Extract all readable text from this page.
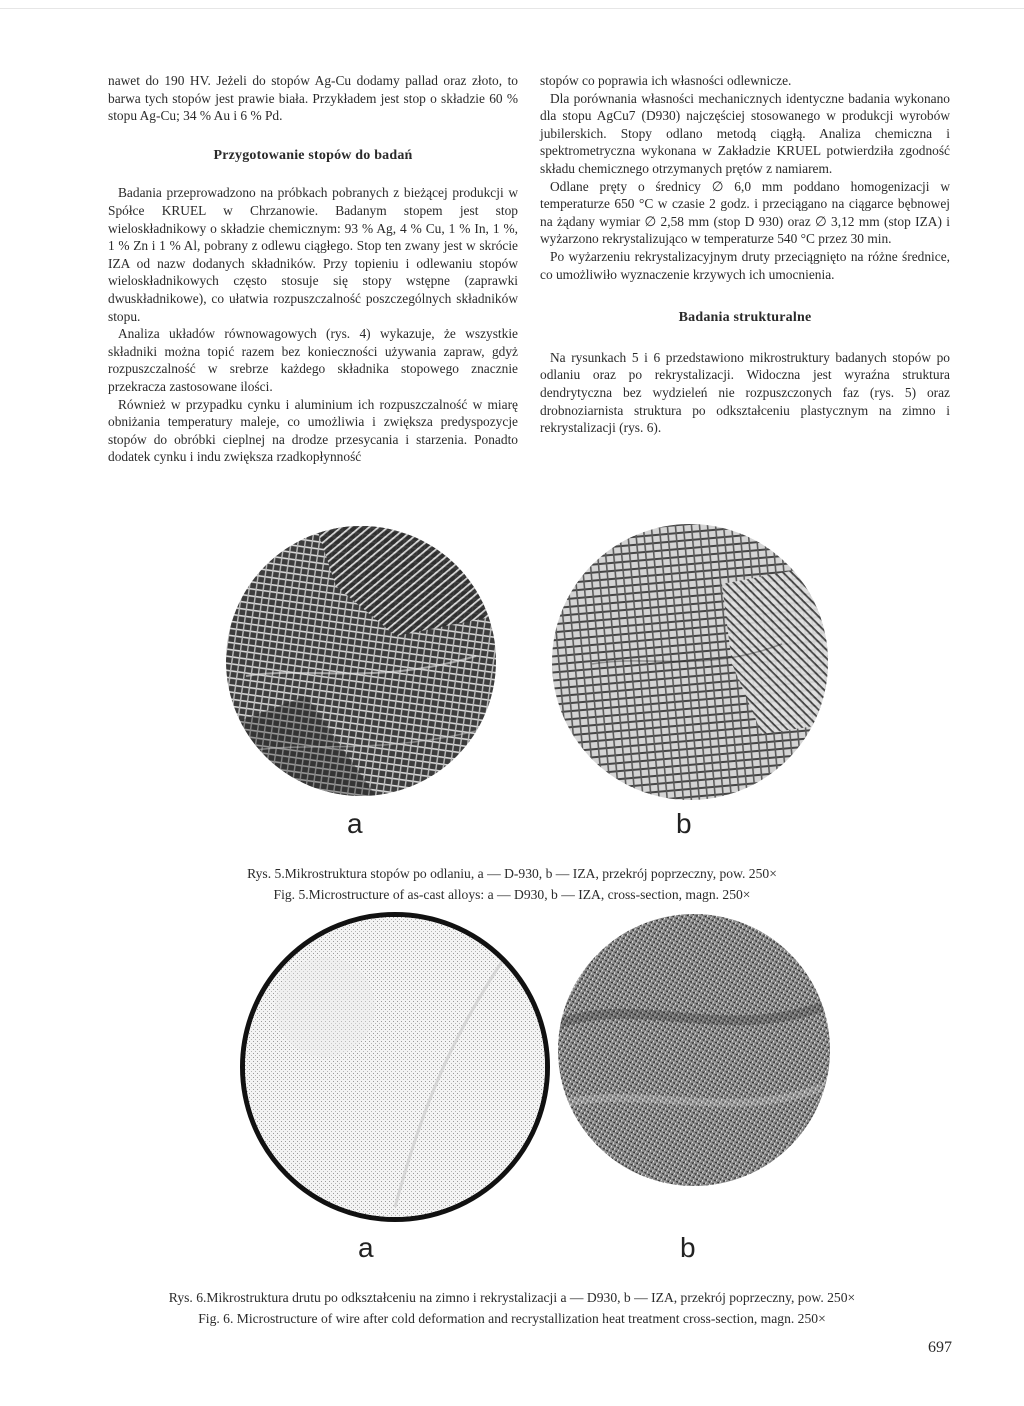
nawet do 190 HV. Jeżeli do stopów Ag-Cu dodamy pallad oraz złoto, to barwa tych stopów jest prawie biała. Przykładem jest stop o składzie 60 % stopu Ag-Cu; 34 % Au i 6 % Pd.

Przygotowanie stopów do badań

Badania przeprowadzono na próbkach pobranych z bieżącej produkcji w Spółce KRUEL w Chrzanowie. Badanym stopem jest stop wieloskładnikowy o składzie chemicznym: 93 % Ag, 4 % Cu, 1 % In, 1 %, 1 % Zn i 1 % Al, pobrany z odlewu ciągłego. Stop ten zwany jest w skrócie IZA od nazw dodanych składników. Przy topieniu i odlewaniu stopów wieloskładnikowych często stosuje się stopy wstępne (zaprawki dwuskładnikowe), co ułatwia rozpuszczalność poszczególnych składników stopu.

Analiza układów równowagowych (rys. 4) wykazuje, że wszystkie składniki można topić razem bez konieczności używania zapraw, gdyż rozpuszczalność w srebrze każdego składnika stopowego znacznie przekracza zastosowane ilości.

Również w przypadku cynku i aluminium ich rozpuszczalność w miarę obniżania temperatury maleje, co umożliwia i zwiększa predyspozycje stopów do obróbki cieplnej na drodze przesycania i starzenia. Ponadto dodatek cynku i indu zwiększa rzadkopłynność

stopów co poprawia ich własności odlewnicze.

Dla porównania własności mechanicznych identyczne badania wykonano dla stopu AgCu7 (D930) najczęściej stosowanego w produkcji wyrobów jubilerskich. Stopy odlano metodą ciągłą. Analiza chemiczna i spektrometryczna wykonana w Zakładzie KRUEL potwierdziła zgodność składu chemicznego otrzymanych prętów z namiarem.

Odlane pręty o średnicy ∅ 6,0 mm poddano homogenizacji w temperaturze 650 °C w czasie 2 godz. i przeciągano na ciągarce bębnowej na żądany wymiar ∅ 2,58 mm (stop D 930) oraz ∅ 3,12 mm (stop IZA) i wyżarzono rekrystalizująco w temperaturze 540 °C przez 30 min.

Po wyżarzeniu rekrystalizacyjnym druty przeciągnięto na różne średnice, co umożliwiło wyznaczenie krzywych ich umocnienia.

Badania strukturalne

Na rysunkach 5 i 6 przedstawiono mikrostruktury badanych stopów po odlaniu oraz po rekrystalizacji. Widoczna jest wyraźna struktura dendrytyczna bez wydzieleń nie rozpuszczonych faz (rys. 5) oraz drobnoziarnista struktura po odkształceniu plastycznym na zimno i rekrystalizacji (rys. 6).

a	b
Rys. 5.Mikrostruktura stopów po odlaniu, a — D-930, b — IZA, przekrój poprzeczny, pow. 250×
Fig. 5.Microstructure of as-cast alloys: a — D930, b — IZA, cross-section, magn. 250×
a	b
Rys. 6.Mikrostruktura drutu po odkształceniu na zimno i rekrystalizacji a — D930, b — IZA, przekrój poprzeczny, pow. 250×
Fig. 6. Microstructure of wire after cold deformation and recrystallization heat treatment cross-section, magn. 250×
697
